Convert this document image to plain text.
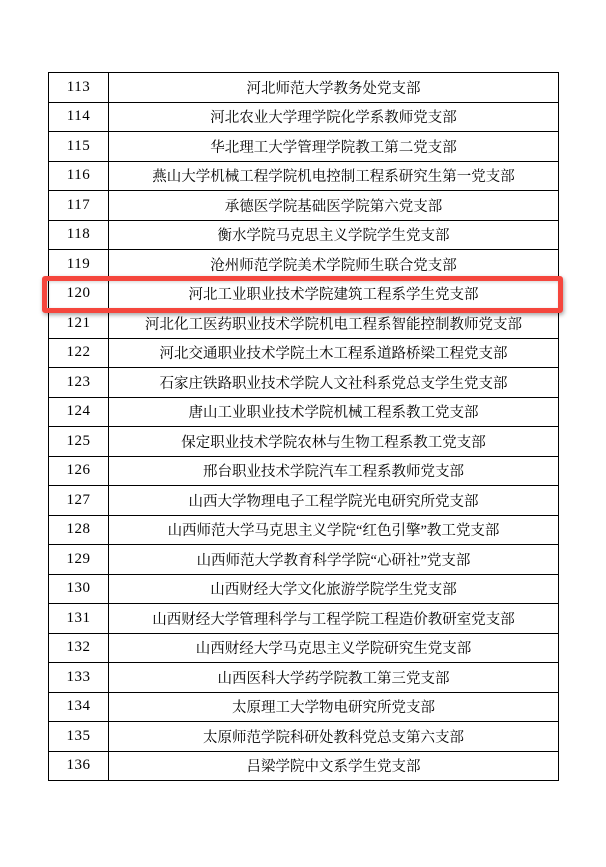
113	河北师范大学教务处党支部
114	河北农业大学理学院化学系教师党支部
115	华北理工大学管理学院教工第二党支部
116	燕山大学机械工程学院机电控制工程系研究生第一党支部
117	承德医学院基础医学院第六党支部
118	衡水学院马克思主义学院学生党支部
119	沧州师范学院美术学院师生联合党支部
120	河北工业职业技术学院建筑工程系学生党支部
121	河北化工医药职业技术学院机电工程系智能控制教师党支部
122	河北交通职业技术学院土木工程系道路桥梁工程党支部
123	石家庄铁路职业技术学院人文社科系党总支学生党支部
124	唐山工业职业技术学院机械工程系教工党支部
125	保定职业技术学院农林与生物工程系教工党支部
126	邢台职业技术学院汽车工程系教师党支部
127	山西大学物理电子工程学院光电研究所党支部
128	山西师范大学马克思主义学院“红色引擎”教工党支部
129	山西师范大学教育科学学院“心研社”党支部
130	山西财经大学文化旅游学院学生党支部
131	山西财经大学管理科学与工程学院工程造价教研室党支部
132	山西财经大学马克思主义学院研究生党支部
133	山西医科大学药学院教工第三党支部
134	太原理工大学物电研究所党支部
135	太原师范学院科研处教科党总支第六支部
136	吕梁学院中文系学生党支部
